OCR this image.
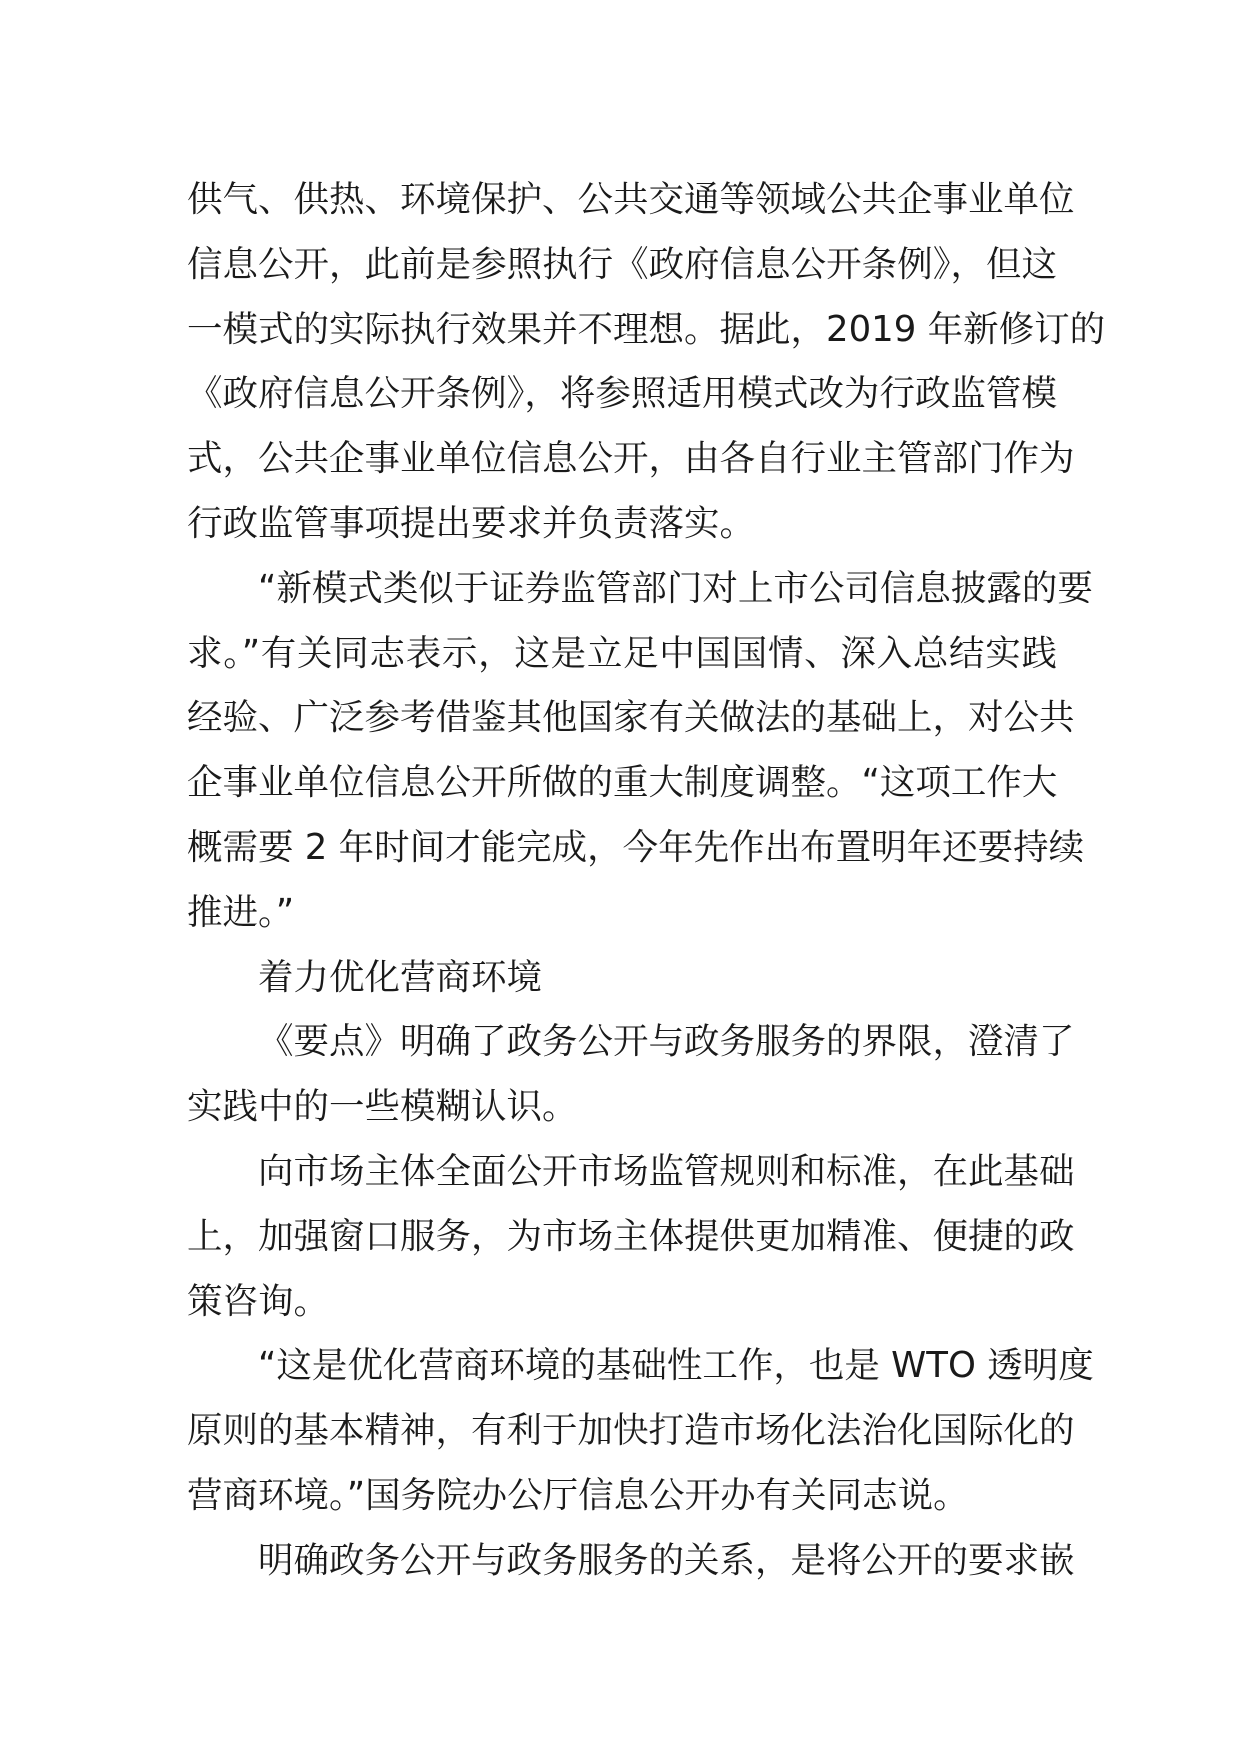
供气、供热、环境保护、公共交通等领域公共企事业单位
信息公开，此前是参照执行《政府信息公开条例》，但这
一模式的实际执行效果并不理想。据此，2019 年新修订的
《政府信息公开条例》，将参照适用模式改为行政监管模
式，公共企事业单位信息公开，由各自行业主管部门作为
行政监管事项提出要求并负责落实。

“新模式类似于证券监管部门对上市公司信息披露的要
求。”有关同志表示，这是立足中国国情、深入总结实践
经验、广泛参考借鉴其他国家有关做法的基础上，对公共
企事业单位信息公开所做的重大制度调整。“这项工作大
概需要 2 年时间才能完成，今年先作出布置明年还要持续
推进。”

着力优化营商环境

《要点》明确了政务公开与政务服务的界限，澄清了
实践中的一些模糊认识。

向市场主体全面公开市场监管规则和标准，在此基础
上，加强窗口服务，为市场主体提供更加精准、便捷的政
策咨询。

“这是优化营商环境的基础性工作，也是 WTO 透明度
原则的基本精神，有利于加快打造市场化法治化国际化的
营商环境。”国务院办公厅信息公开办有关同志说。

明确政务公开与政务服务的关系，是将公开的要求嵌
